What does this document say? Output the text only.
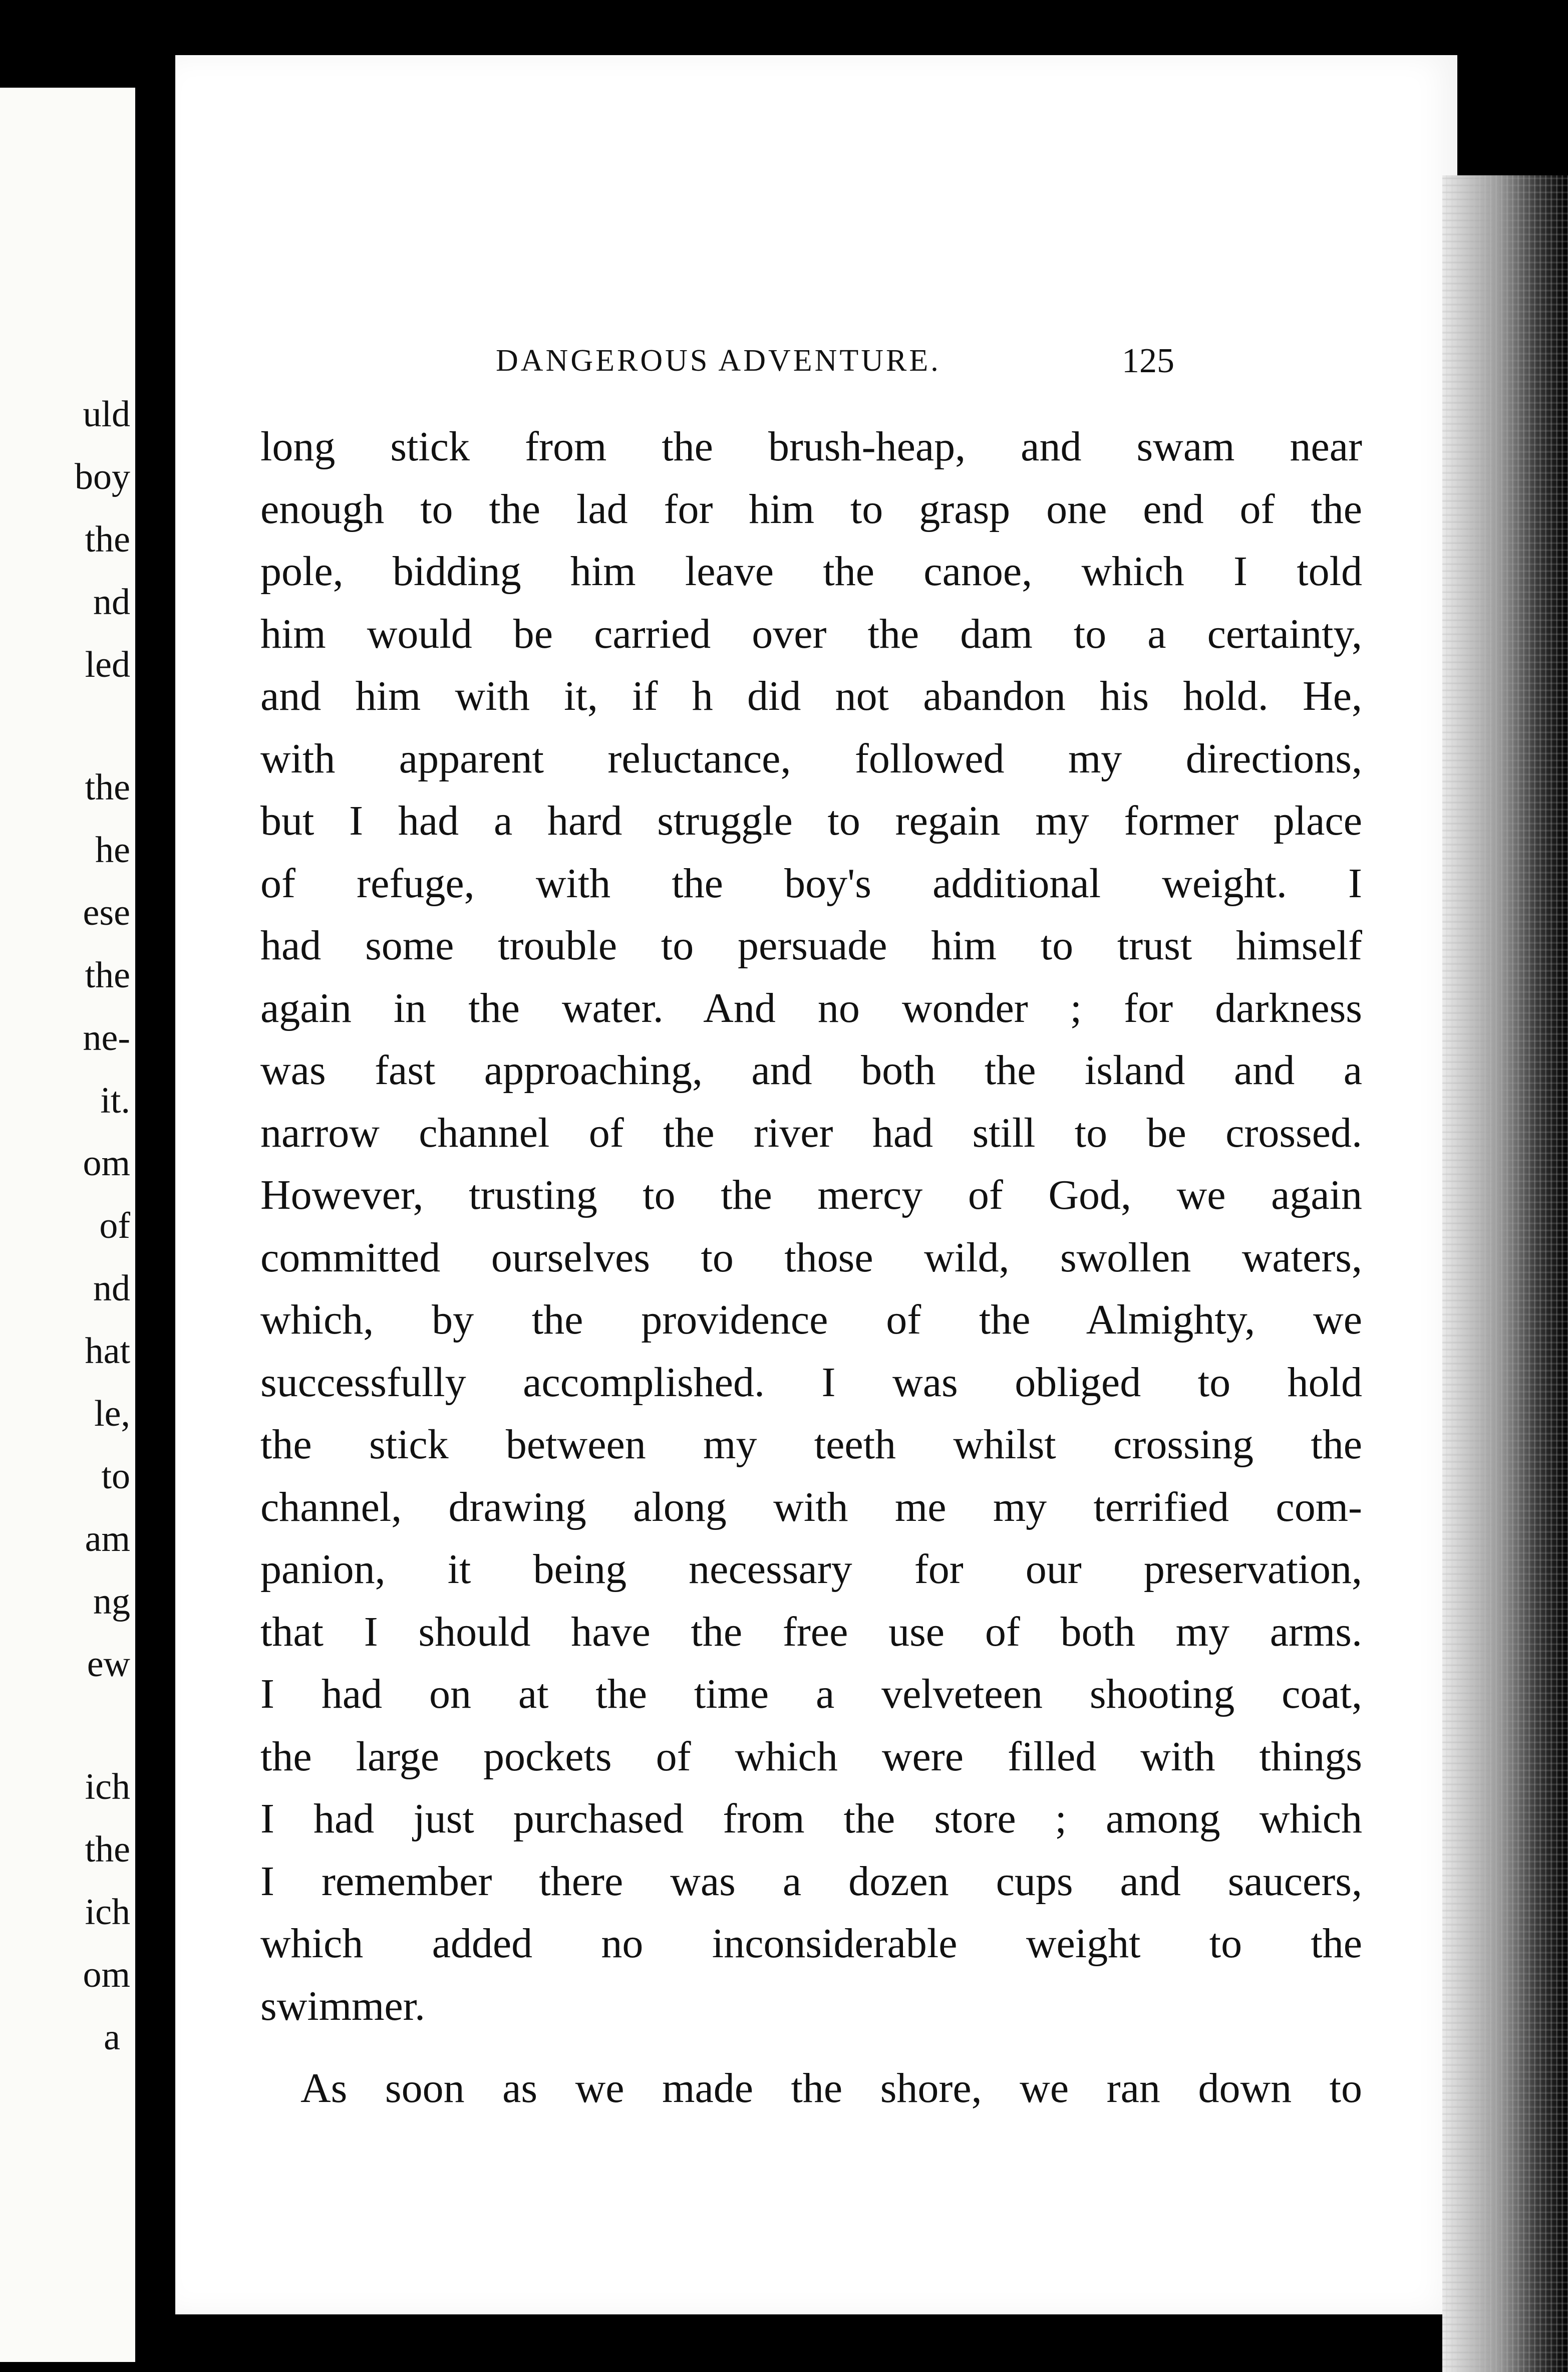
uld
boy
the
nd
led
the
he
ese
the
ne-
it.
om
of
nd
hat
le,
to
am
ng
ew
ich
the
ich
om
a
DANGEROUS ADVENTURE.	125
long stick from the brush-heap, and swam near
enough to the lad for him to grasp one end of the
pole, bidding him leave the canoe, which I told
him would be carried over the dam to a certainty,
and him with it, if h did not abandon his hold. He,
with apparent reluctance, followed my directions,
but I had a hard struggle to regain my former place
of refuge, with the boy's additional weight. I
had some trouble to persuade him to trust himself
again in the water. And no wonder ; for darkness
was fast approaching, and both the island and a
narrow channel of the river had still to be crossed.
However, trusting to the mercy of God, we again
committed ourselves to those wild, swollen waters,
which, by the providence of the Almighty, we
successfully accomplished. I was obliged to hold
the stick between my teeth whilst crossing the
channel, drawing along with me my terrified com-
panion, it being necessary for our preservation,
that I should have the free use of both my arms.
I had on at the time a velveteen shooting coat,
the large pockets of which were filled with things
I had just purchased from the store ; among which
I remember there was a dozen cups and saucers,
which added no inconsiderable weight to the
swimmer.
As soon as we made the shore, we ran down to
